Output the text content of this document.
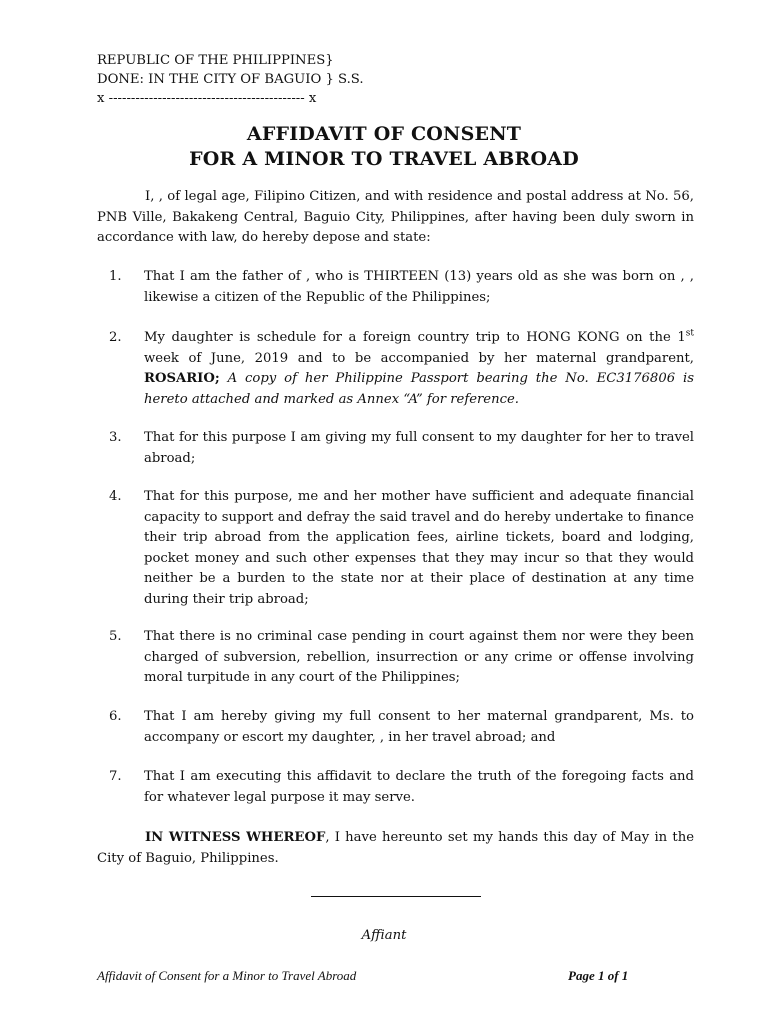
REPUBLIC OF THE PHILIPPINES}
DONE: IN THE CITY OF BAGUIO } S.S.
x -------------------------------------------- x
AFFIDAVIT OF CONSENT
FOR A MINOR TO TRAVEL ABROAD
I, , of legal age, Filipino Citizen, and with residence and postal address at No. 56, PNB Ville, Bakakeng Central, Baguio City, Philippines, after having been duly sworn in accordance with law, do hereby depose and state:
1. That I am the father of , who is THIRTEEN (13) years old as she was born on , , likewise a citizen of the Republic of the Philippines;
2. My daughter is schedule for a foreign country trip to HONG KONG on the 1st week of June, 2019 and to be accompanied by her maternal grandparent, ROSARIO; A copy of her Philippine Passport bearing the No. EC3176806 is hereto attached and marked as Annex “A” for reference.
3. That for this purpose I am giving my full consent to my daughter for her to travel abroad;
4. That for this purpose, me and her mother have sufficient and adequate financial capacity to support and defray the said travel and do hereby undertake to finance their trip abroad from the application fees, airline tickets, board and lodging, pocket money and such other expenses that they may incur so that they would neither be a burden to the state nor at their place of destination at any time during their trip abroad;
5. That there is no criminal case pending in court against them nor were they been charged of subversion, rebellion, insurrection or any crime or offense involving moral turpitude in any court of the Philippines;
6. That I am hereby giving my full consent to her maternal grandparent, Ms. to accompany or escort my daughter, , in her travel abroad; and
7. That I am executing this affidavit to declare the truth of the foregoing facts and for whatever legal purpose it may serve.
IN WITNESS WHEREOF, I have hereunto set my hands this day of May in the City of Baguio, Philippines.
Affiant
Affidavit of Consent for a Minor to Travel Abroad	Page 1 of 1
